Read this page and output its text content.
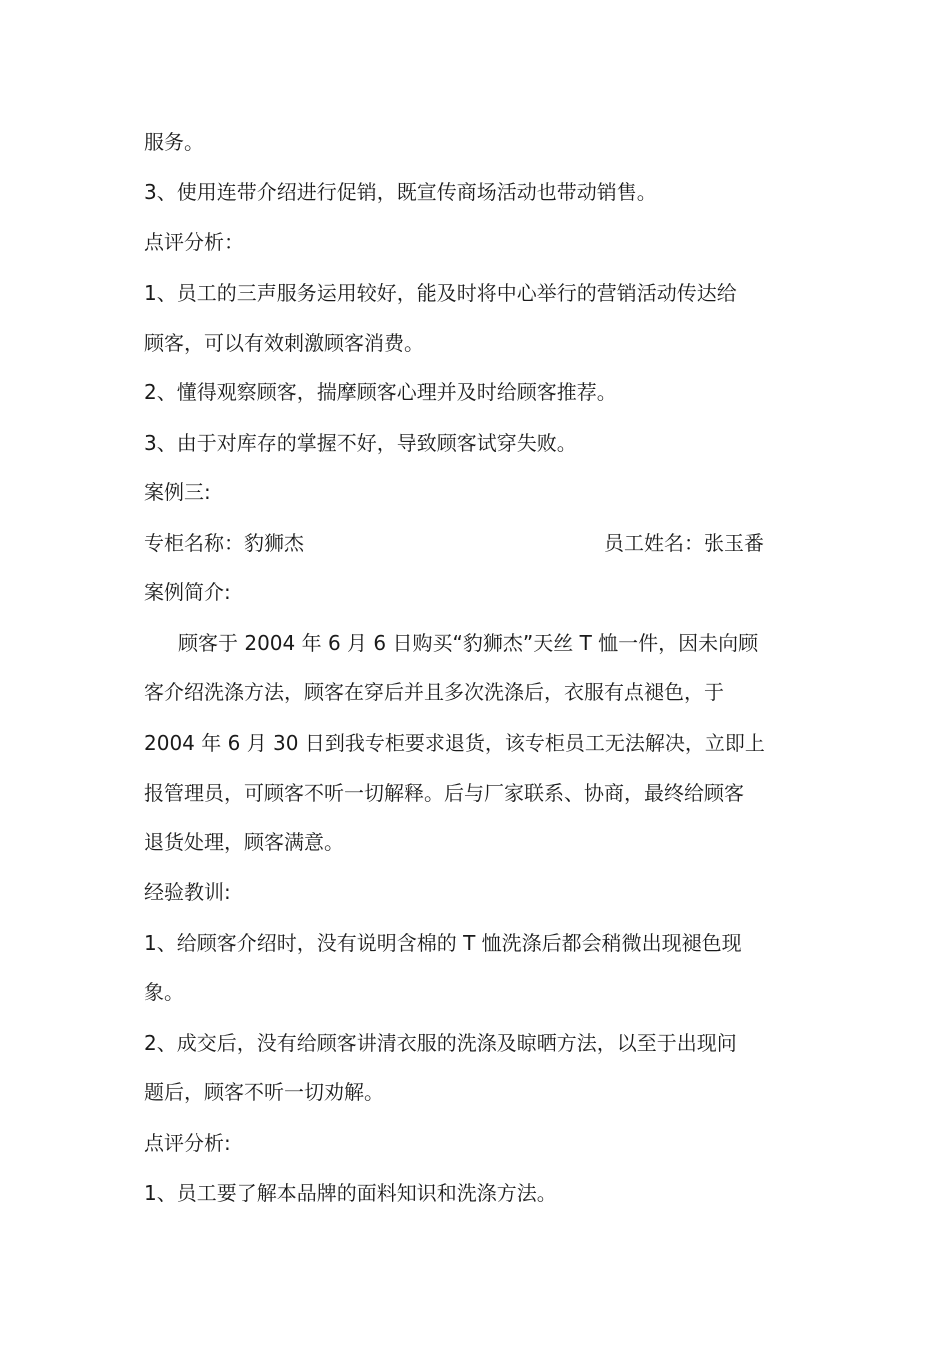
服务。
3、使用连带介绍进行促销，既宣传商场活动也带动销售。
点评分析：
1、员工的三声服务运用较好，能及时将中心举行的营销活动传达给
顾客，可以有效刺激顾客消费。
2、懂得观察顾客，揣摩顾客心理并及时给顾客推荐。
3、由于对库存的掌握不好，导致顾客试穿失败。
案例三:
专柜名称：豹狮杰	员工姓名：张玉番
案例简介:
顾客于 2004 年 6 月 6 日购买“豹狮杰”天丝 T 恤一件，因未向顾
客介绍洗涤方法，顾客在穿后并且多次洗涤后，衣服有点褪色，于
2004 年 6 月 30 日到我专柜要求退货，该专柜员工无法解决，立即上
报管理员，可顾客不听一切解释。后与厂家联系、协商，最终给顾客
退货处理，顾客满意。
经验教训:
1、给顾客介绍时，没有说明含棉的 T 恤洗涤后都会稍微出现褪色现
象。
2、成交后，没有给顾客讲清衣服的洗涤及晾晒方法，以至于出现问
题后，顾客不听一切劝解。
点评分析:
1、员工要了解本品牌的面料知识和洗涤方法。
